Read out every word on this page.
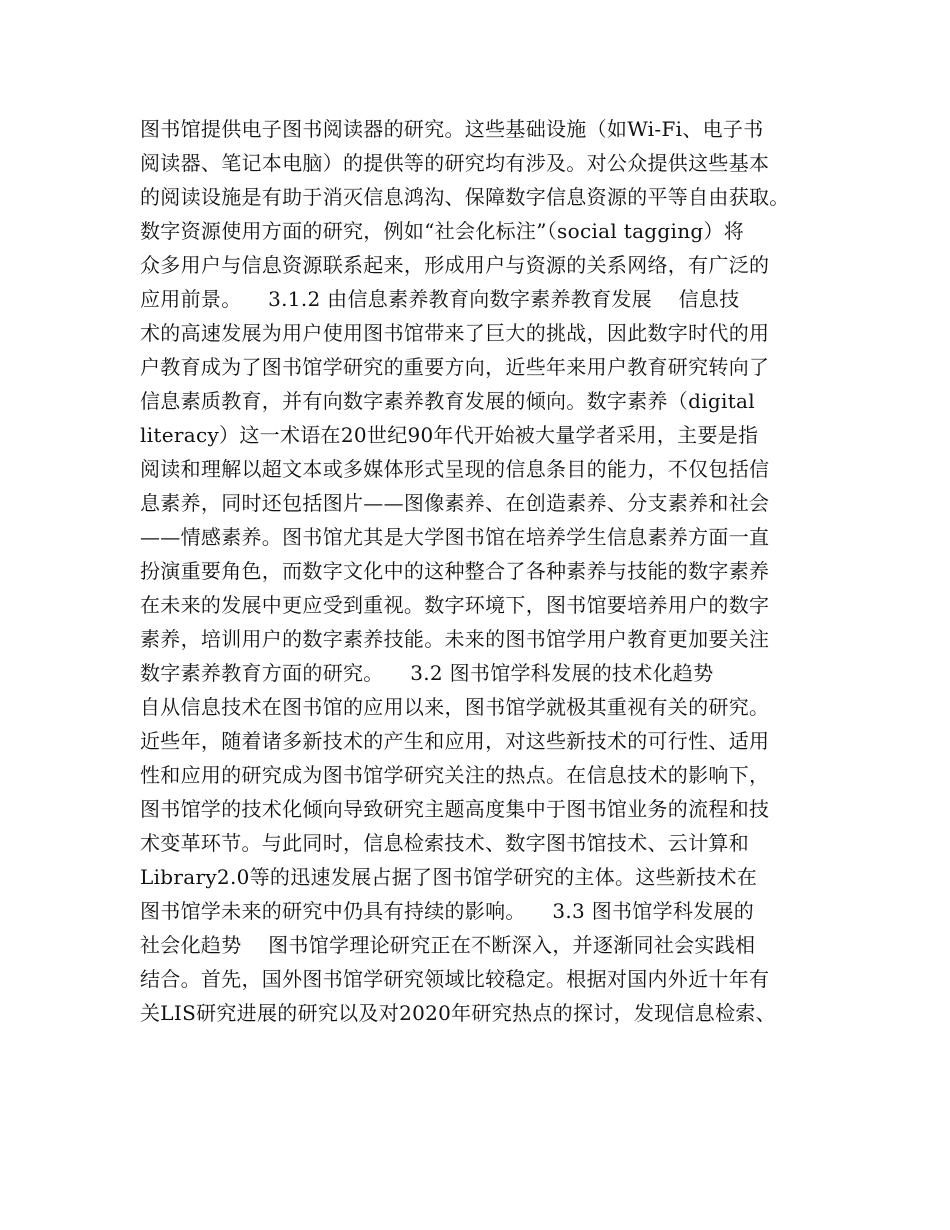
图书馆提供电子图书阅读器的研究。这些基础设施（如Wi-Fi、电子书
阅读器、笔记本电脑）的提供等的研究均有涉及。对公众提供这些基本
的阅读设施是有助于消灭信息鸿沟、保障数字信息资源的平等自由获取。
数字资源使用方面的研究，例如“社会化标注”（social tagging）将
众多用户与信息资源联系起来，形成用户与资源的关系网络，有广泛的
应用前景。    3.1.2 由信息素养教育向数字素养教育发展    信息技
术的高速发展为用户使用图书馆带来了巨大的挑战，因此数字时代的用
户教育成为了图书馆学研究的重要方向，近些年来用户教育研究转向了
信息素质教育，并有向数字素养教育发展的倾向。数字素养（digital
literacy）这一术语在20世纪90年代开始被大量学者采用，主要是指
阅读和理解以超文本或多媒体形式呈现的信息条目的能力，不仅包括信
息素养，同时还包括图片——图像素养、在创造素养、分支素养和社会
——情感素养。图书馆尤其是大学图书馆在培养学生信息素养方面一直
扮演重要角色，而数字文化中的这种整合了各种素养与技能的数字素养
在未来的发展中更应受到重视。数字环境下，图书馆要培养用户的数字
素养，培训用户的数字素养技能。未来的图书馆学用户教育更加要关注
数字素养教育方面的研究。    3.2 图书馆学科发展的技术化趋势
自从信息技术在图书馆的应用以来，图书馆学就极其重视有关的研究。
近些年，随着诸多新技术的产生和应用，对这些新技术的可行性、适用
性和应用的研究成为图书馆学研究关注的热点。在信息技术的影响下，
图书馆学的技术化倾向导致研究主题高度集中于图书馆业务的流程和技
术变革环节。与此同时，信息检索技术、数字图书馆技术、云计算和
Library2.0等的迅速发展占据了图书馆学研究的主体。这些新技术在
图书馆学未来的研究中仍具有持续的影响。    3.3 图书馆学科发展的
社会化趋势    图书馆学理论研究正在不断深入，并逐渐同社会实践相
结合。首先，国外图书馆学研究领域比较稳定。根据对国内外近十年有
关LIS研究进展的研究以及对2020年研究热点的探讨，发现信息检索、
